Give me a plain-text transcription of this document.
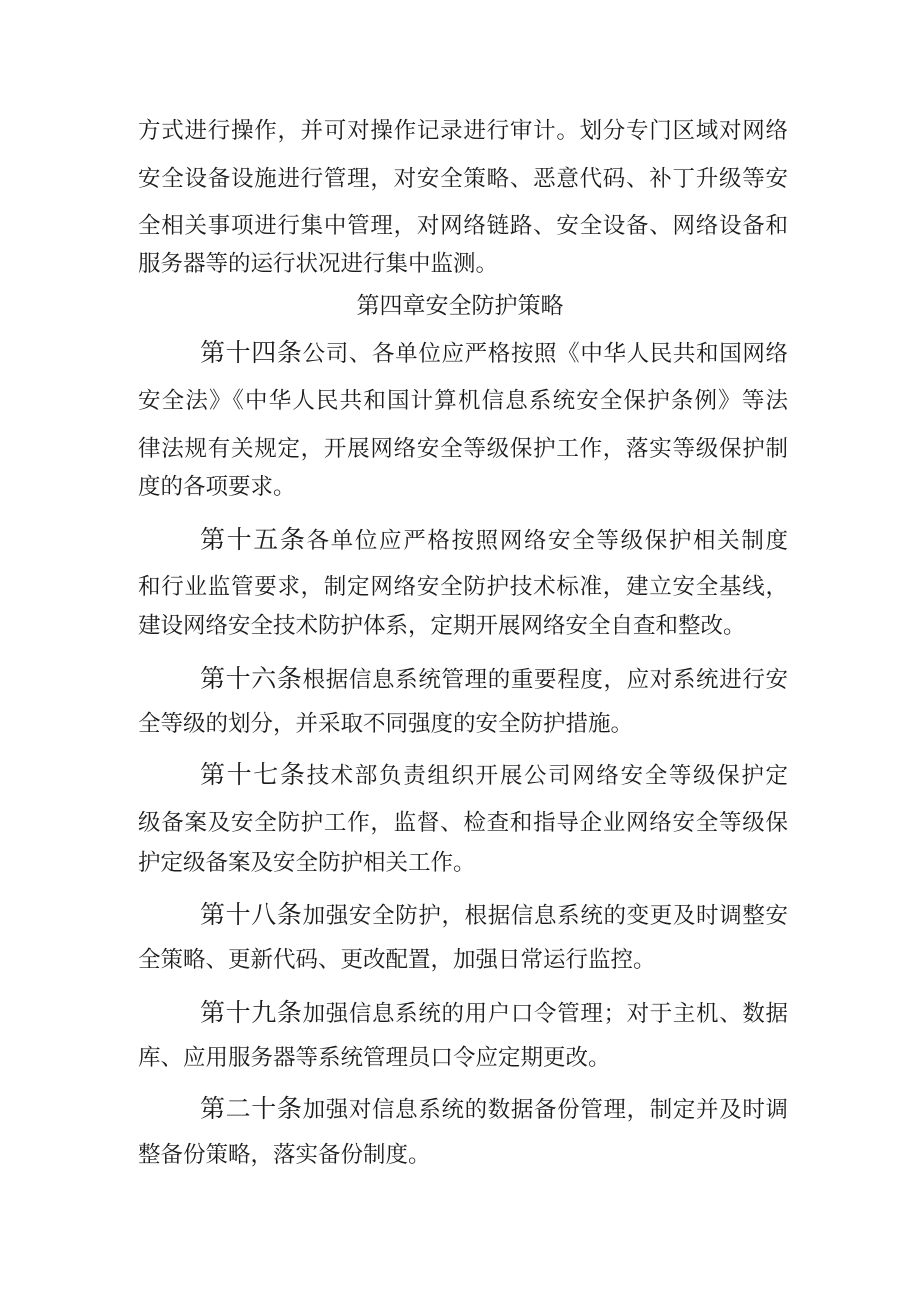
方式进行操作，并可对操作记录进行审计。划分专门区域对网络
安全设备设施进行管理，对安全策略、恶意代码、补丁升级等安
全相关事项进行集中管理，对网络链路、安全设备、网络设备和
服务器等的运行状况进行集中监测。
第四章安全防护策略
第十四条公司、各单位应严格按照《中华人民共和国网络
安全法》《中华人民共和国计算机信息系统安全保护条例》等法
律法规有关规定，开展网络安全等级保护工作，落实等级保护制
度的各项要求。
第十五条各单位应严格按照网络安全等级保护相关制度
和行业监管要求，制定网络安全防护技术标准，建立安全基线，
建设网络安全技术防护体系，定期开展网络安全自查和整改。
第十六条根据信息系统管理的重要程度，应对系统进行安
全等级的划分，并采取不同强度的安全防护措施。
第十七条技术部负责组织开展公司网络安全等级保护定
级备案及安全防护工作，监督、检查和指导企业网络安全等级保
护定级备案及安全防护相关工作。
第十八条加强安全防护，根据信息系统的变更及时调整安
全策略、更新代码、更改配置，加强日常运行监控。
第十九条加强信息系统的用户口令管理；对于主机、数据
库、应用服务器等系统管理员口令应定期更改。
第二十条加强对信息系统的数据备份管理，制定并及时调
整备份策略，落实备份制度。
